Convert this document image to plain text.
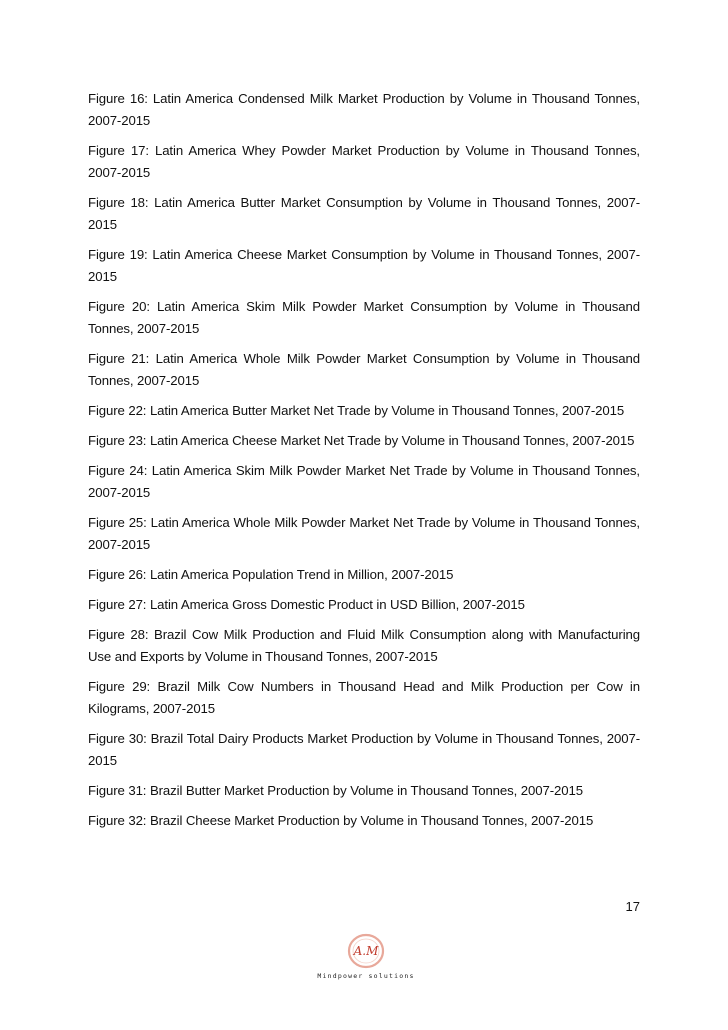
Figure 16: Latin America Condensed Milk Market Production by Volume in Thousand Tonnes, 2007-2015
Figure 17: Latin America Whey Powder Market Production by Volume in Thousand Tonnes, 2007-2015
Figure 18: Latin America Butter Market Consumption by Volume in Thousand Tonnes, 2007-2015
Figure 19: Latin America Cheese Market Consumption by Volume in Thousand Tonnes, 2007-2015
Figure 20: Latin America Skim Milk Powder Market Consumption by Volume in Thousand Tonnes, 2007-2015
Figure 21: Latin America Whole Milk Powder Market Consumption by Volume in Thousand Tonnes, 2007-2015
Figure 22: Latin America Butter Market Net Trade by Volume in Thousand Tonnes, 2007-2015
Figure 23: Latin America Cheese Market Net Trade by Volume in Thousand Tonnes, 2007-2015
Figure 24: Latin America Skim Milk Powder Market Net Trade by Volume in Thousand Tonnes, 2007-2015
Figure 25: Latin America Whole Milk Powder Market Net Trade by Volume in Thousand Tonnes, 2007-2015
Figure 26: Latin America Population Trend in Million, 2007-2015
Figure 27: Latin America Gross Domestic Product in USD Billion, 2007-2015
Figure 28: Brazil Cow Milk Production and Fluid Milk Consumption along with Manufacturing Use and Exports by Volume in Thousand Tonnes, 2007-2015
Figure 29: Brazil Milk Cow Numbers in Thousand Head and Milk Production per Cow in Kilograms, 2007-2015
Figure 30: Brazil Total Dairy Products Market Production by Volume in Thousand Tonnes, 2007-2015
Figure 31: Brazil Butter Market Production by Volume in Thousand Tonnes, 2007-2015
Figure 32: Brazil Cheese Market Production by Volume in Thousand Tonnes, 2007-2015
17
A.M
Mindpower solutions
